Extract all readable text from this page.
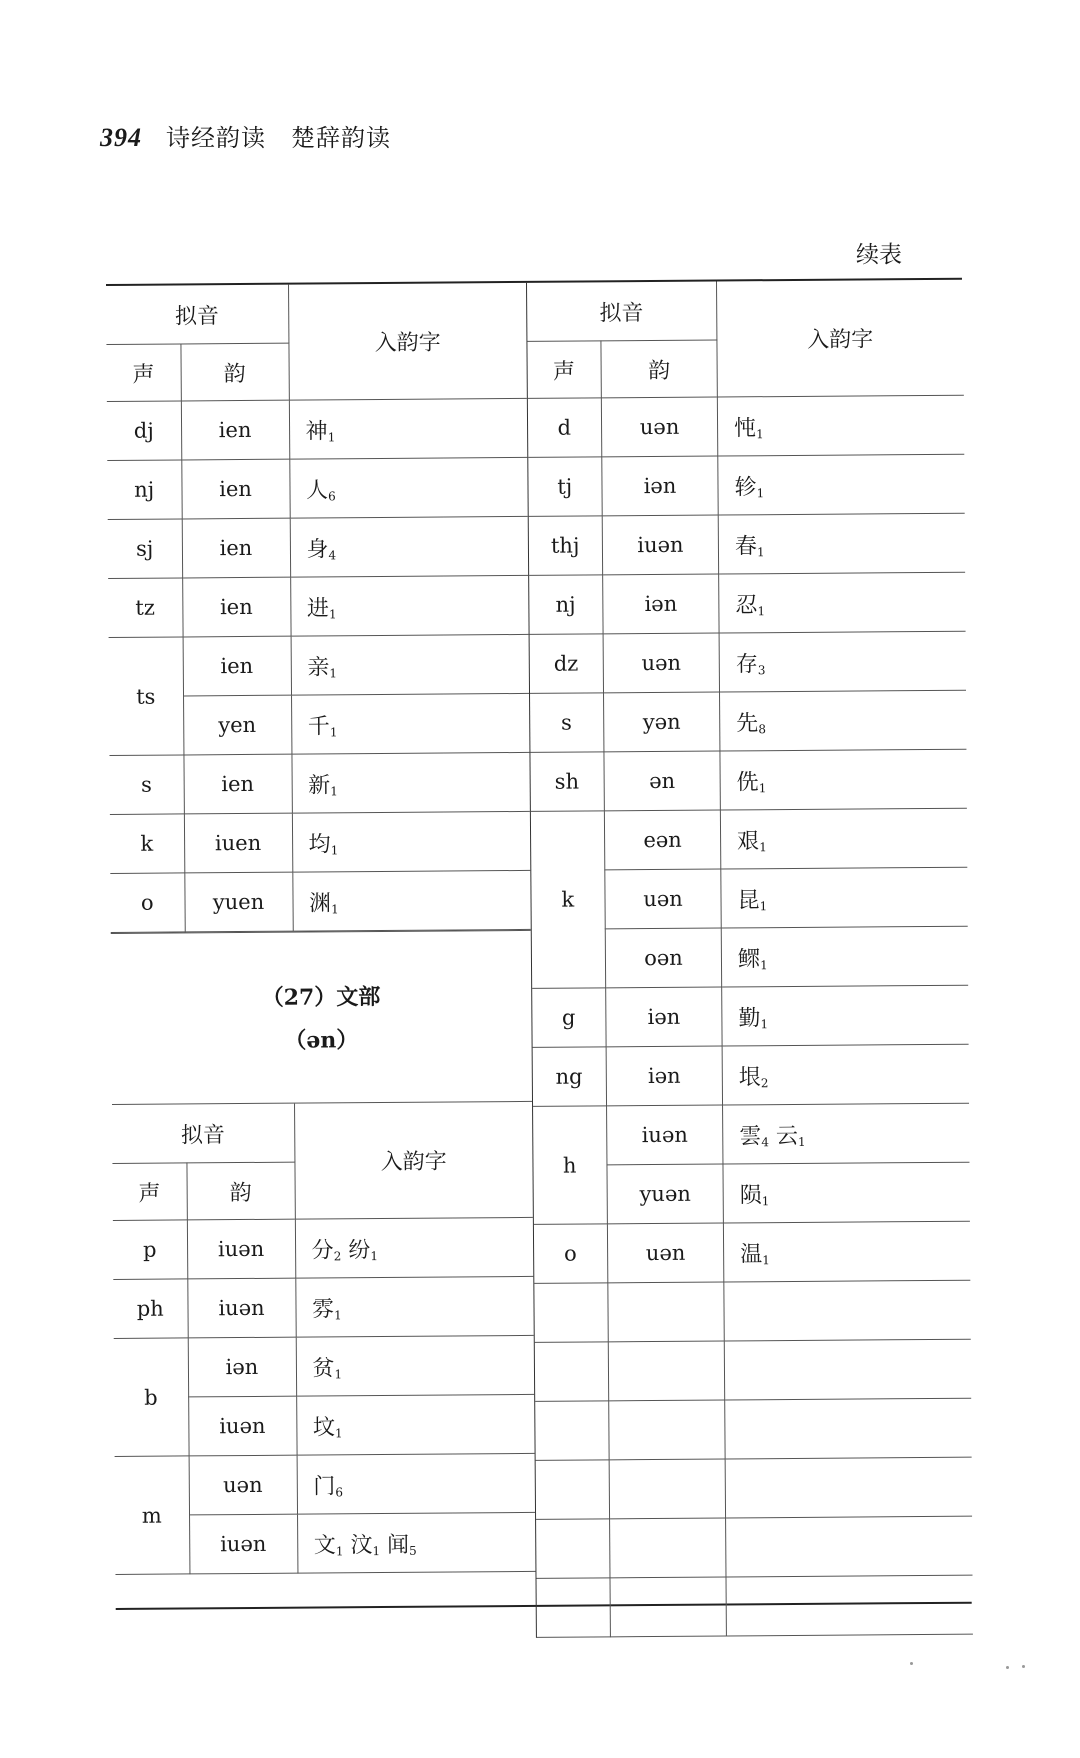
394 诗经韵读　楚辞韵读
续表
拟音	入韵字
声	韵
dj	ien	神$_1$
nj	ien	人$_6$
sj	ien	身$_4$
tz	ien	进$_1$
ts	ien	亲$_1$
yen	千$_1$
s	ien	新$_1$
k	iuen	均$_1$
o	yuen	渊$_1$
（27）文部
（ən）
拟音	入韵字
声	韵
p	iuən	分$_2$ 纷$_1$
ph	iuən	雰$_1$
b	iən	贫$_1$
iuən	坟$_1$
m	uən	门$_6$
iuən	文$_1$ 汶$_1$ 闻$_5$

拟音	入韵字
声	韵
d	uən	忳$_1$
tj	iən	轸$_1$
thj	iuən	春$_1$
nj	iən	忍$_1$
dz	uən	存$_3$
s	yən	先$_8$
sh	ən	侁$_1$
k	eən	艰$_1$
uən	昆$_1$
oən	鳏$_1$
g	iən	勤$_1$
ng	iən	垠$_2$
h	iuən	雲$_4$ 云$_1$
yuən	陨$_1$
o	uən	温$_1$
